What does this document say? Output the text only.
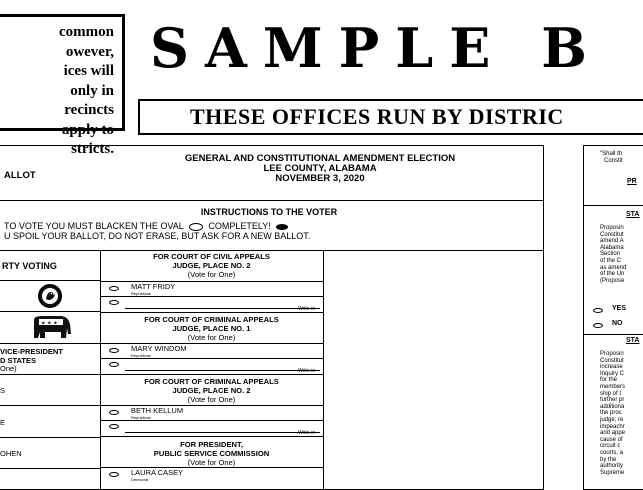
common
owever,
ices will
only in
recincts
apply to
stricts.
SAMPLE B
THESE OFFICES RUN BY DISTRIC
ALLOT
GENERAL AND CONSTITUTIONAL AMENDMENT ELECTION
LEE COUNTY, ALABAMA
NOVEMBER 3, 2020
INSTRUCTIONS TO THE VOTER
TO VOTE YOU MUST BLACKEN THE OVAL	COMPLETELY!
U SPOIL YOUR BALLOT, DO NOT ERASE, BUT ASK FOR A NEW BALLOT.
RTY VOTING
★ ★ ★
VICE-PRESIDENT
D STATES
One)
S
E
OHEN
FOR COURT OF CIVIL APPEALS
JUDGE, PLACE NO. 2
(Vote for One)
MATT FRIDY
Republican
Write-in
FOR COURT OF CRIMINAL APPEALS
JUDGE, PLACE NO. 1
(Vote for One)
MARY WINDOM
Republican
Write-in
FOR COURT OF CRIMINAL APPEALS
JUDGE, PLACE NO. 2
(Vote for One)
BETH KELLUM
Republican
Write-in
FOR PRESIDENT,
PUBLIC SERVICE COMMISSION
(Vote for One)
LAURA CASEY
Democrat
"Shall th
Constit
PR
STA
Proposin
Constitut
amend A
Alabama
Section
of the C
as amend
of the Un
(Propose
YES
NO
STA
Proposin
Constitut
increase
Inquiry C
for the
members
ship of t
further pr
additiona
the proc
judge; re
impeachr
and appe
cause of
circuit c
courts, a
by the
authority
Supreme
